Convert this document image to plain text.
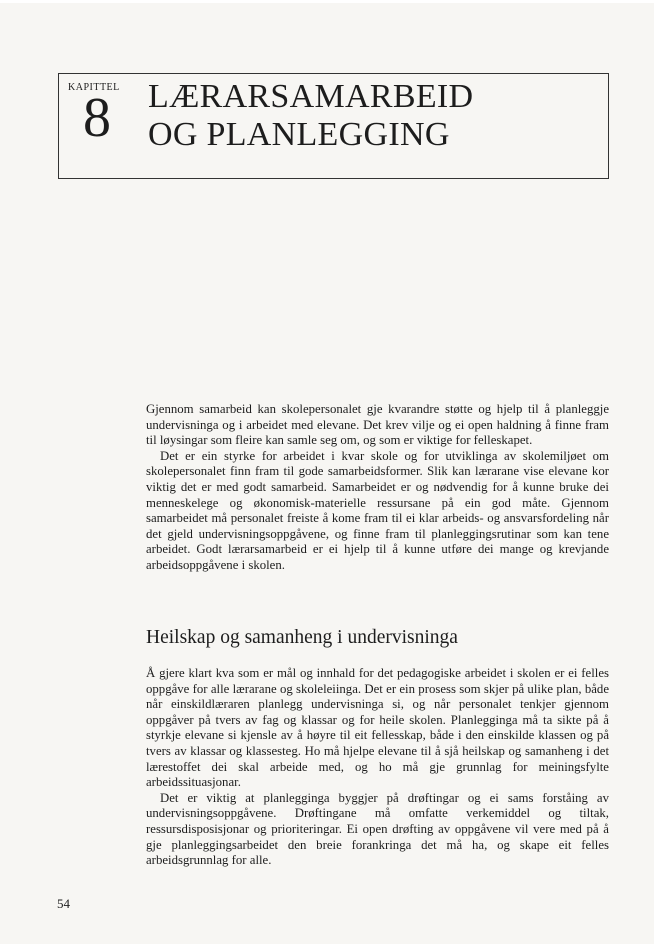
KAPITTEL
8 LÆRARSAMARBEID
OG PLANLEGGING

Gjennom samarbeid kan skolepersonalet gje kvarandre støtte og hjelp til å planleggje undervisninga og i arbeidet med elevane. Det krev vilje og ei open haldning å finne fram til løysingar som fleire kan samle seg om, og som er viktige for felleskapet.

Det er ein styrke for arbeidet i kvar skole og for utviklinga av skolemiljøet om skolepersonalet finn fram til gode samarbeidsformer. Slik kan lærarane vise elevane kor viktig det er med godt samarbeid. Samarbeidet er og nødvendig for å kunne bruke dei menneskelege og økonomisk-materielle ressursane på ein god måte. Gjennom samarbeidet må personalet freiste å kome fram til ei klar arbeids- og ansvarsfordeling når det gjeld undervisningsoppgåvene, og finne fram til planleggingsrutinar som kan tene arbeidet. Godt lærarsamarbeid er ei hjelp til å kunne utføre dei mange og krevjande arbeidsoppgåvene i skolen.

Heilskap og samanheng i undervisninga

Å gjere klart kva som er mål og innhald for det pedagogiske arbeidet i skolen er ei felles oppgåve for alle lærarane og skoleleiinga. Det er ein prosess som skjer på ulike plan, både når einskildlæraren planlegg undervisninga si, og når personalet tenkjer gjennom oppgåver på tvers av fag og klassar og for heile skolen. Planlegginga må ta sikte på å styrkje elevane si kjensle av å høyre til eit fellesskap, både i den einskilde klassen og på tvers av klassar og klassesteg. Ho må hjelpe elevane til å sjå heilskap og samanheng i det lærestoffet dei skal arbeide med, og ho må gje grunnlag for meiningsfylte arbeidssituasjonar.

Det er viktig at planlegginga byggjer på drøftingar og ei sams forståing av undervisningsoppgåvene. Drøftingane må omfatte verkemiddel og tiltak, ressursdisposisjonar og prioriteringar. Ei open drøfting av oppgåvene vil vere med på å gje planleggingsarbeidet den breie forankringa det må ha, og skape eit felles arbeidsgrunnlag for alle.

54
